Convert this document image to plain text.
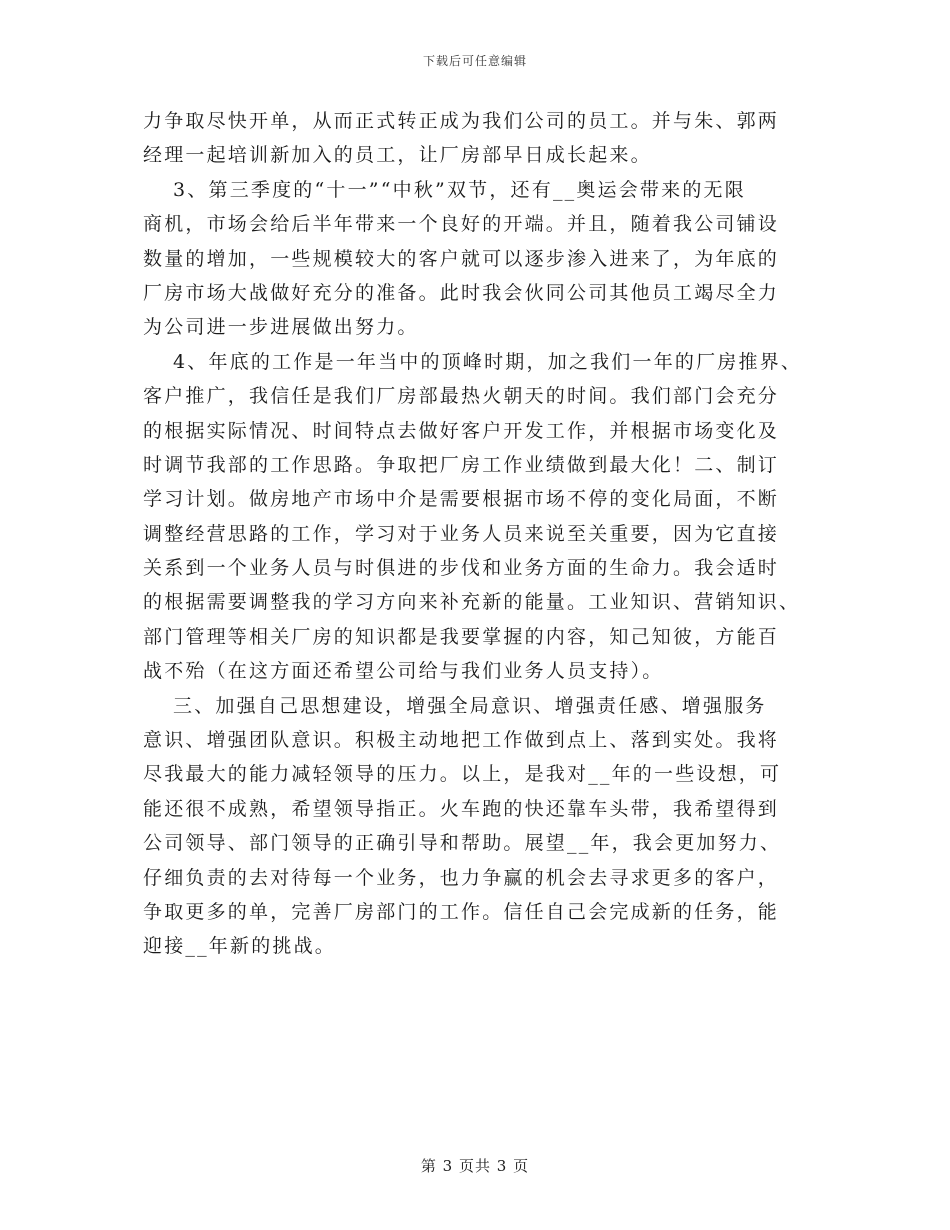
下载后可任意编辑
力争取尽快开单，从而正式转正成为我们公司的员工。并与朱、郭两
经理一起培训新加入的员工，让厂房部早日成长起来。
3、第三季度的“十一”“中秋”双节，还有__奥运会带来的无限
商机，市场会给后半年带来一个良好的开端。并且，随着我公司铺设
数量的增加，一些规模较大的客户就可以逐步渗入进来了，为年底的
厂房市场大战做好充分的准备。此时我会伙同公司其他员工竭尽全力
为公司进一步进展做出努力。
4、年底的工作是一年当中的顶峰时期，加之我们一年的厂房推界、
客户推广，我信任是我们厂房部最热火朝天的时间。我们部门会充分
的根据实际情况、时间特点去做好客户开发工作，并根据市场变化及
时调节我部的工作思路。争取把厂房工作业绩做到最大化！二、制订
学习计划。做房地产市场中介是需要根据市场不停的变化局面，不断
调整经营思路的工作，学习对于业务人员来说至关重要，因为它直接
关系到一个业务人员与时俱进的步伐和业务方面的生命力。我会适时
的根据需要调整我的学习方向来补充新的能量。工业知识、营销知识、
部门管理等相关厂房的知识都是我要掌握的内容，知己知彼，方能百
战不殆（在这方面还希望公司给与我们业务人员支持）。
三、加强自己思想建设，增强全局意识、增强责任感、增强服务
意识、增强团队意识。积极主动地把工作做到点上、落到实处。我将
尽我最大的能力减轻领导的压力。以上，是我对__年的一些设想，可
能还很不成熟，希望领导指正。火车跑的快还靠车头带，我希望得到
公司领导、部门领导的正确引导和帮助。展望__年，我会更加努力、
仔细负责的去对待每一个业务，也力争赢的机会去寻求更多的客户，
争取更多的单，完善厂房部门的工作。信任自己会完成新的任务，能
迎接__年新的挑战。
第 3 页共 3 页
